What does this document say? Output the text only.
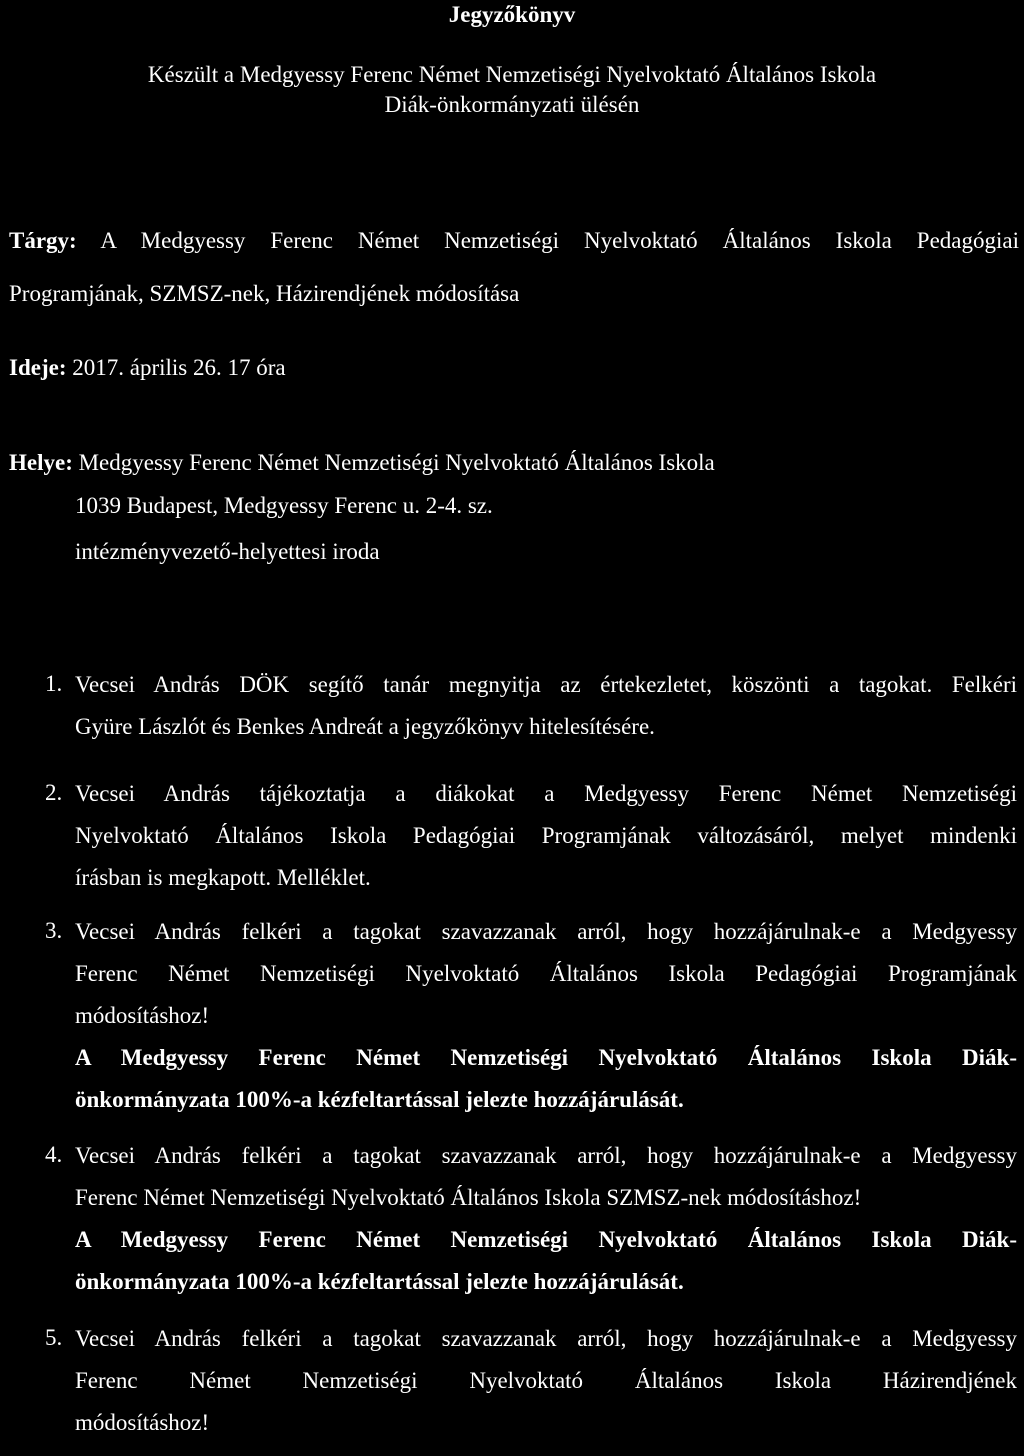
Jegyzőkönyv
Készült a Medgyessy Ferenc Német Nemzetiségi Nyelvoktató Általános Iskola
Diák-önkormányzati ülésén
Tárgy: A Medgyessy Ferenc Német Nemzetiségi Nyelvoktató Általános Iskola Pedagógiai
Programjának, SZMSZ-nek, Házirendjének módosítása
Ideje: 2017. április 26. 17 óra
Helye: Medgyessy Ferenc Német Nemzetiségi Nyelvoktató Általános Iskola
1039 Budapest, Medgyessy Ferenc u. 2-4. sz.
intézményvezető-helyettesi iroda
1. Vecsei András DÖK segítő tanár megnyitja az értekezletet, köszönti a tagokat. Felkéri
Gyüre Lászlót és Benkes Andreát a jegyzőkönyv hitelesítésére.
2. Vecsei András tájékoztatja a diákokat a Medgyessy Ferenc Német Nemzetiségi
Nyelvoktató Általános Iskola Pedagógiai Programjának változásáról, melyet mindenki
írásban is megkapott. Melléklet.
3. Vecsei András felkéri a tagokat szavazzanak arról, hogy hozzájárulnak-e a Medgyessy
Ferenc Német Nemzetiségi Nyelvoktató Általános Iskola Pedagógiai Programjának
módosításhoz!
A Medgyessy Ferenc Német Nemzetiségi Nyelvoktató Általános Iskola Diák-
önkormányzata 100%-a kézfeltartással jelezte hozzájárulását.
4. Vecsei András felkéri a tagokat szavazzanak arról, hogy hozzájárulnak-e a Medgyessy
Ferenc Német Nemzetiségi Nyelvoktató Általános Iskola SZMSZ-nek módosításhoz!
A Medgyessy Ferenc Német Nemzetiségi Nyelvoktató Általános Iskola Diák-
önkormányzata 100%-a kézfeltartással jelezte hozzájárulását.
5. Vecsei András felkéri a tagokat szavazzanak arról, hogy hozzájárulnak-e a Medgyessy
Ferenc Német Nemzetiségi Nyelvoktató Általános Iskola Házirendjének
módosításhoz!
